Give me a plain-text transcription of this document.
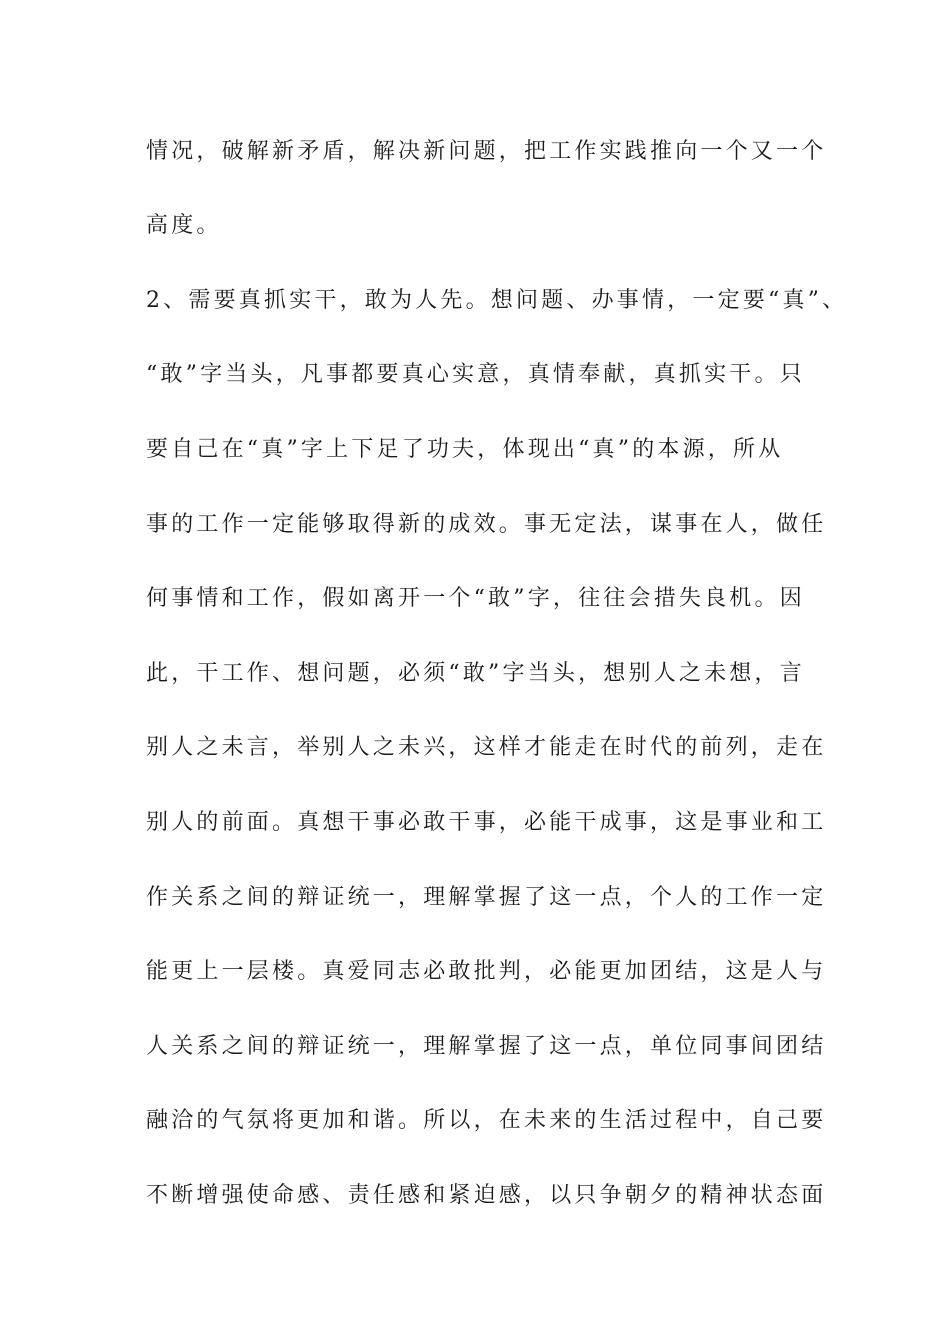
情况，破解新矛盾，解决新问题，把工作实践推向一个又一个
高度。
2、需要真抓实干，敢为人先。想问题、办事情，一定要“真”、
“敢”字当头，凡事都要真心实意，真情奉献，真抓实干。只
要自己在“真”字上下足了功夫，体现出“真”的本源，所从
事的工作一定能够取得新的成效。事无定法，谋事在人，做任
何事情和工作，假如离开一个“敢”字，往往会措失良机。因
此，干工作、想问题，必须“敢”字当头，想别人之未想，言
别人之未言，举别人之未兴，这样才能走在时代的前列，走在
别人的前面。真想干事必敢干事，必能干成事，这是事业和工
作关系之间的辩证统一，理解掌握了这一点，个人的工作一定
能更上一层楼。真爱同志必敢批判，必能更加团结，这是人与
人关系之间的辩证统一，理解掌握了这一点，单位同事间团结
融洽的气氛将更加和谐。所以，在未来的生活过程中，自己要
不断增强使命感、责任感和紧迫感，以只争朝夕的精神状态面
